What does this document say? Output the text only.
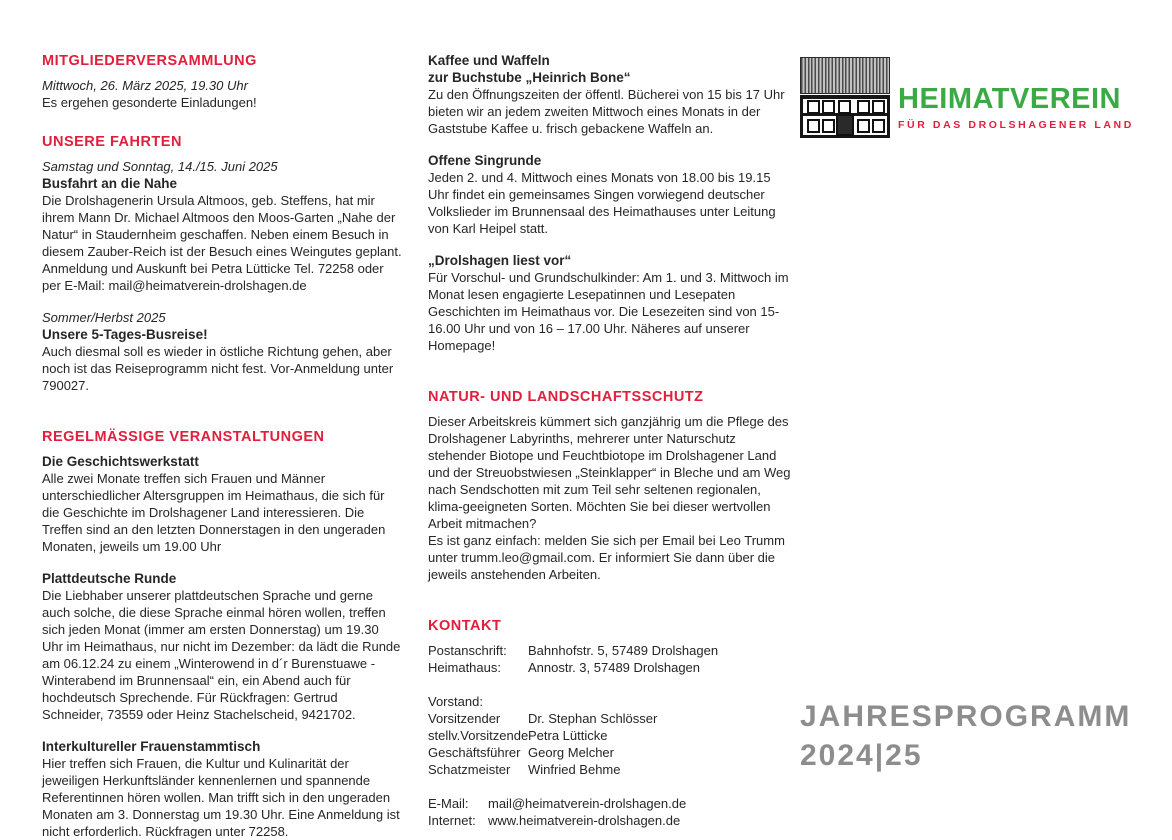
MITGLIEDERVERSAMMLUNG

Mittwoch, 26. März 2025, 19.30 Uhr

Es ergehen gesonderte Einladungen!

UNSERE FAHRTEN

Samstag und Sonntag, 14./15. Juni 2025

Busfahrt an die Nahe

Die Drolshagenerin Ursula Altmoos, geb. Steffens, hat mir ihrem Mann Dr. Michael Altmoos den Moos-Garten „Nahe der Natur“ in Staudernheim geschaffen. Neben einem Besuch in diesem Zauber-Reich ist der Besuch eines Weingutes geplant. Anmeldung und Auskunft bei Petra Lütticke Tel. 72258 oder per E-Mail: mail@heimatverein-drolshagen.de

Sommer/Herbst 2025

Unsere 5-Tages-Busreise!

Auch diesmal soll es wieder in östliche Richtung gehen, aber noch ist das Reiseprogramm nicht fest. Vor-Anmeldung unter 790027.

REGELMÄSSIGE VERANSTALTUNGEN

Die Geschichtswerkstatt

Alle zwei Monate treffen sich Frauen und Männer unterschiedlicher Altersgruppen im Heimathaus, die sich für die Geschichte im Drolshagener Land interessieren. Die Treffen sind an den letzten Donnerstagen in den ungeraden Monaten, jeweils um 19.00 Uhr

Plattdeutsche Runde

Die Liebhaber unserer plattdeutschen Sprache und gerne auch solche, die diese Sprache einmal hören wollen, treffen sich jeden Monat (immer am ersten Donnerstag) um 19.30 Uhr im Heimathaus, nur nicht im Dezember: da lädt die Runde am 06.12.24 zu einem „Winterowend in d´r Burenstuawe - Winterabend im Brunnensaal“ ein, ein Abend auch für hochdeutsch Sprechende. Für Rückfragen: Gertrud Schneider, 73559 oder Heinz Stachelscheid, 9421702.

Interkultureller Frauenstammtisch

Hier treffen sich Frauen, die Kultur und Kulinarität der jeweiligen Herkunftsländer kennenlernen und spannende Referentinnen hören wollen. Man trifft sich in den ungeraden Monaten am 3. Donnerstag um 19.30 Uhr. Eine Anmeldung ist nicht erforderlich. Rückfragen unter 72258.

Kaffee und Waffeln

zur Buchstube „Heinrich Bone“

Zu den Öffnungszeiten der öffentl. Bücherei von 15 bis 17 Uhr bieten wir an jedem zweiten Mittwoch eines Monats in der Gaststube Kaffee u. frisch gebackene Waffeln an.

Offene Singrunde

Jeden 2. und 4. Mittwoch eines Monats von 18.00 bis 19.15 Uhr findet ein gemeinsames Singen vorwiegend deutscher Volkslieder im Brunnensaal des Heimathauses unter Leitung von Karl Heipel statt.

„Drolshagen liest vor“

Für Vorschul- und Grundschulkinder: Am 1. und 3. Mittwoch im Monat lesen engagierte Lesepatinnen und Lesepaten Geschichten im Heimathaus vor. Die Lesezeiten sind von 15-16.00 Uhr und von 16 – 17.00 Uhr. Näheres auf unserer Homepage!

NATUR- UND LANDSCHAFTSSCHUTZ

Dieser Arbeitskreis kümmert sich ganzjährig um die Pflege des Drolshagener Labyrinths, mehrerer unter Naturschutz stehender Biotope und Feuchtbiotope im Drolshagener Land und der Streuobstwiesen „Steinklapper“ in Bleche und am Weg nach Sendschotten mit zum Teil sehr seltenen regionalen, klima-geeigneten Sorten. Möchten Sie bei dieser wertvollen Arbeit mitmachen?

Es ist ganz einfach: melden Sie sich per Email bei Leo Trumm unter trumm.leo@gmail.com. Er informiert Sie dann über die jeweils anstehenden Arbeiten.

KONTAKT
Postanschrift:	Bahnhofstr. 5, 57489 Drolshagen
Heimathaus:	Annostr. 3, 57489 Drolshagen

Vorstand:

Vorsitzender	Dr. Stephan Schlösser
stellv.Vorsitzende Petra Lütticke
Geschäftsführer Georg Melcher
Schatzmeister	Winfried Behme
E-Mail:	mail@heimatverein-drolshagen.de
Internet: www.heimatverein-drolshagen.de
HEIMATVEREIN
FÜR DAS DROLSHAGENER LAND
JAHRESPROGRAMM
2024|25
